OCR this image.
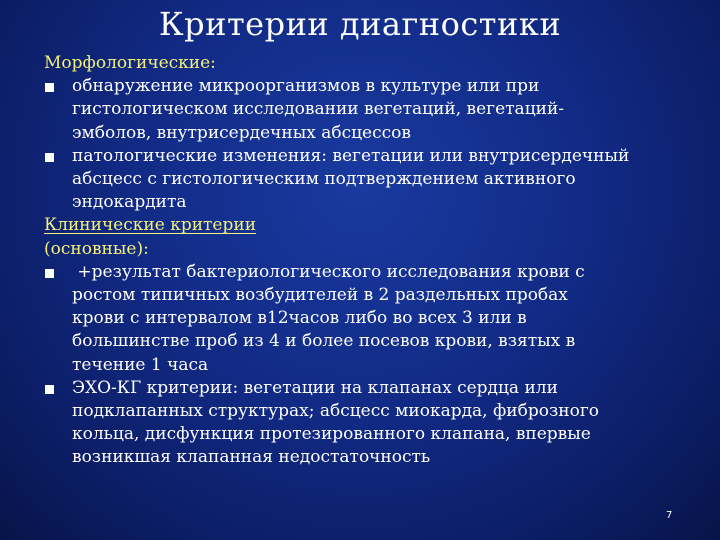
Критерии диагностики

Морфологические:

обнаружение микроорганизмов в культуре или при
гистологическом исследовании вегетаций, вегетаций-
эмболов, внутрисердечных абсцессов
патологические изменения: вегетации или внутрисердечный
абсцесс с гистологическим подтверждением активного
эндокардита

Клинические критерии

(основные):

+результат бактериологического исследования крови с
ростом типичных возбудителей в 2 раздельных пробах
крови с интервалом в12часов либо во всех 3 или в
большинстве проб из 4 и более посевов крови, взятых в
течение 1 часа
ЭХО-КГ критерии: вегетации на клапанах сердца или
подклапанных структурах; абсцесс миокарда, фиброзного
кольца, дисфункция протезированного клапана, впервые
возникшая клапанная недостаточность
7
